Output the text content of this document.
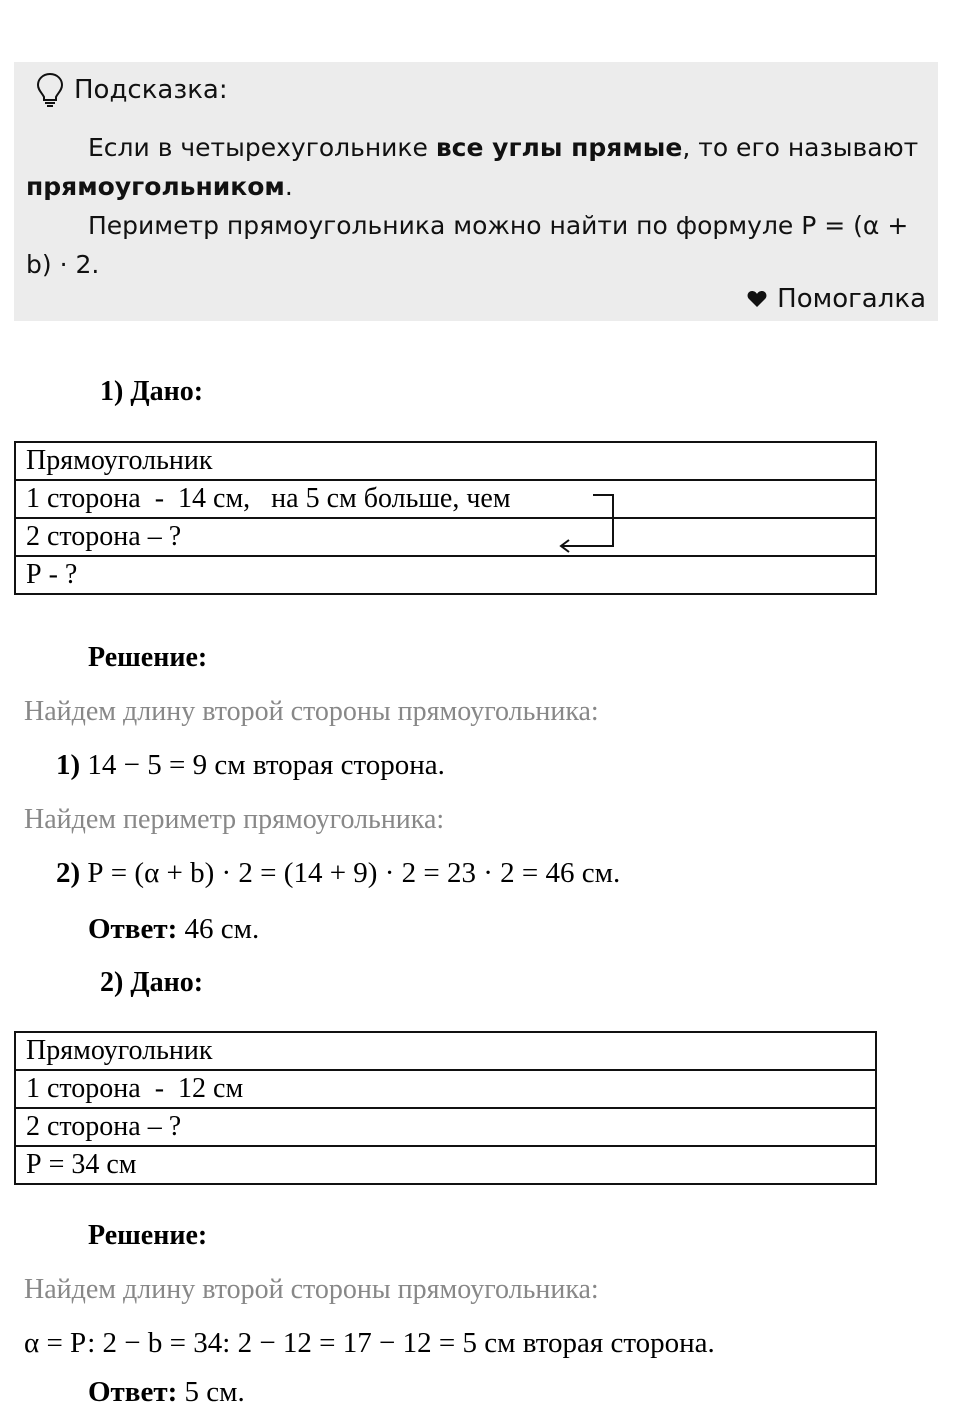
Подсказка:

Если в четырехугольнике все углы прямые, то его называют прямоугольником.

Периметр прямоугольника можно найти по формуле Р = (α + b) · 2.

Помогалка
1) Дано:
Прямоугольник
1 сторона  -  14 см,   на 5 см больше, чем
2 сторона – ?
Р - ?
Решение:
Найдем длину второй стороны прямоугольника:
1) 14 − 5 = 9 см вторая сторона.
Найдем периметр прямоугольника:
2) Р = (α + b) · 2 = (14 + 9) · 2 = 23 · 2 = 46 см.
Ответ: 46 см.
2) Дано:
Прямоугольник
1 сторона  -  12 см
2 сторона – ?
Р = 34 см
Решение:
Найдем длину второй стороны прямоугольника:
α = Р: 2 − b = 34: 2 − 12 = 17 − 12 = 5 см вторая сторона.
Ответ: 5 см.
